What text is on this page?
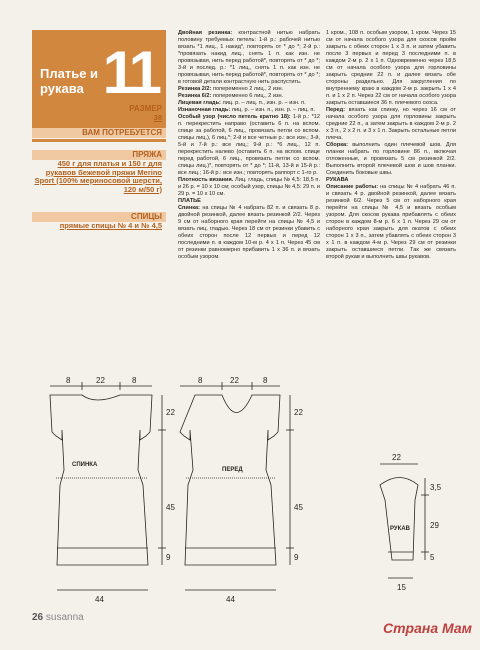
Платье и
рукава 11
РАЗМЕР
38
ВАМ ПОТРЕБУЕТСЯ
ПРЯЖА
450 г для платья и 150 г для рукавов бежевой пряжи Merino Sport (100% мериносовой шерсти, 120 м/50 г)
СПИЦЫ
прямые спицы № 4 и № 4,5

Двойная резинка: контрастной нитью набрать половину требуемых петель: 1-й р.: рабочей нитью вязать *1 лиц., 1 накид*, повторять от * до *; 2-й р.: *провязать накид лиц., снять 1 п. как изн. не провязывая, нить перед работой*, повторять от * до *; 3-й и послед. р.: *1 лиц., снять 1 п. как изн. не провязывая, нить перед работой*, повторять от * до *; в готовой детали контрастную нить распустить.

Резинка 2/2: попеременно 2 лиц., 2 изн.

Резинка 6/2: попеременно 6 лиц., 2 изн.

Лицевая гладь: лиц. р. – лиц. п., изн. р. – изн. п.

Изнаночная гладь: лиц. р. – изн. п., изн. р. – лиц. п.

Особый узор (число петель кратно 18): 1-й р.: *12 п. перекрестить направо (оставить 6 п. на вспом. спице за работой, 6 лиц., провязать петли со вспом. спицы лиц.), 6 лиц.*; 2-й и все четные р.: все изн.; 3-й, 5-й и 7-й р.: все лиц.; 9-й р.: *6 лиц., 12 п. перекрестить налево (оставить 6 п. на вспом. спице перед работой, 6 лиц., провязать петли со вспом. спицы лиц.)*, повторять от * до *; 11-й, 13-й и 15-й р.: все лиц.; 16-й р.: все изн.; повторять раппорт с 1-го р.

Плотность вязания. Лиц. гладь, спицы № 4,5: 18,5 п. и 26 р. = 10 х 10 см; особый узор, спицы № 4,5: 29 п. и 29 р. = 10 х 10 см.

ПЛАТЬЕ

Спинка: на спицы № 4 набрать 82 п. и связать 8 р. двойной резинкой, далее вязать резинкой 2/2. Через 9 см от наборного края перейти на спицы № 4,5 и вязать лиц. гладью. Через 18 см от резинки убавить с обеих сторон после 12 первых и перед 12 последними п. в каждом 10-м р. 4 х 1 п. Через 45 см от резинки равномерно прибавить 1 х 36 п. и вязать особым узором.

1 кром., 108 п. особым узором, 1 кром. Через 15 см от начала особого узора для скосов пройм закрыть с обеих сторон 1 х 3 п. и затем убавить после 3 первых и перед 3 последними п. в каждом 2-м р. 2 х 1 п. Одновременно через 18,5 см от начала особого узора для горловины закрыть средние 22 п. и далее вязать обе стороны раздельно. Для закругления по внутреннему краю в каждом 2-м р. закрыть 1 х 4 п. и 1 х 2 п. Через 22 см от начала особого узора закрыть оставшиеся 36 п. плечевого скоса.

Перед: вязать как спинку, но через 16 см от начала особого узора для горловины закрыть средние 22 п., а затем закрыть в каждом 2-м р. 2 х 3 п., 2 х 2 п. и 3 х 1 п. Закрыть остальные петли плеча.

Сборка: выполнить один плечевой шов. Для планки набрать по горловине 86 п., включая отложенные, и провязать 5 см резинкой 2/2. Выполнить второй плечевой шов и шов планки. Соединить боковые швы.

РУКАВА

Описание работы: на спицы № 4 набрать 46 п. и связать 4 р. двойной резинкой, далее вязать резинкой 6/2. Через 5 см от наборного края перейти на спицы № 4,5 и вязать особым узором. Для скосов рукава прибавлять с обеих сторон в каждом 8-м р. 6 х 1 п. Через 29 см от наборного края закрыть для окатов с обеих сторон 1 х 3 п., затем убавлять с обеих сторон 3 х 1 п. в каждом 4-м р. Через 29 см от резинки закрыть оставшиеся петли. Так же связать второй рукав и выполнить швы рукавов.

8	22	8
СПИНКА
44
22
45
9
8	22	8
ПЕРЕД
44
22
45
9
22
РУКАВ
15
3,5
29
5
26 susanna
Страна Мам
